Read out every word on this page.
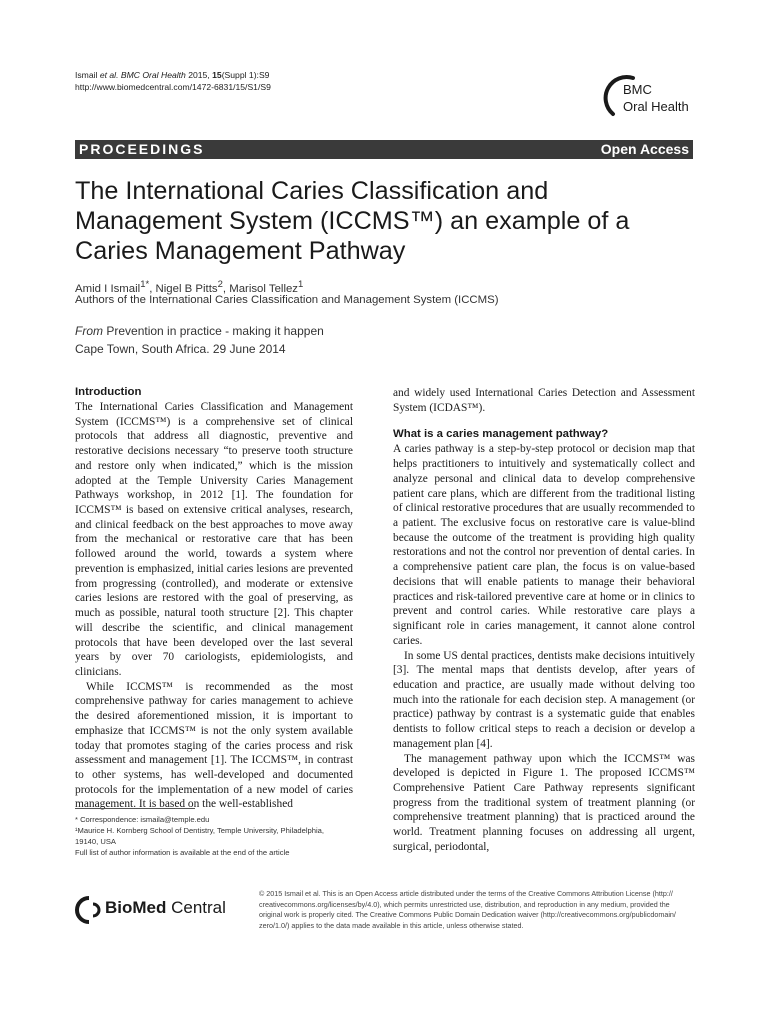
Ismail et al. BMC Oral Health 2015, 15(Suppl 1):S9
http://www.biomedcentral.com/1472-6831/15/S1/S9	BMC
Oral Health
PROCEEDINGS	Open Access
The International Caries Classification and
Management System (ICCMS™) an example of a
Caries Management Pathway
Amid I Ismail$^{1*}$, Nigel B Pitts$^2$, Marisol Tellez$^1$
Authors of the International Caries Classification and Management System (ICCMS)
From Prevention in practice - making it happen
Cape Town, South Africa. 29 June 2014
Introduction

The International Caries Classification and Management System (ICCMS™) is a comprehensive set of clinical protocols that address all diagnostic, preventive and restorative decisions necessary “to preserve tooth structure and restore only when indicated,” which is the mission adopted at the Temple University Caries Management Pathways workshop, in 2012 [1]. The foundation for ICCMS™ is based on extensive critical analyses, research, and clinical feedback on the best approaches to move away from the mechanical or restorative care that has been followed around the world, towards a system where prevention is emphasized, initial caries lesions are prevented from progressing (controlled), and moderate or extensive caries lesions are restored with the goal of preserving, as much as possible, natural tooth structure [2]. This chapter will describe the scientific, and clinical management protocols that have been developed over the last several years by over 70 cariologists, epidemiologists, and clinicians.

While ICCMS™ is recommended as the most comprehensive pathway for caries management to achieve the desired aforementioned mission, it is important to emphasize that ICCMS™ is not the only system available today that promotes staging of the caries process and risk assessment and management [1]. The ICCMS™, in contrast to other systems, has well-developed and documented protocols for the implementation of a new model of caries management. It is based on the well-established

and widely used International Caries Detection and Assessment System (ICDAS™).

What is a caries management pathway?

A caries pathway is a step-by-step protocol or decision map that helps practitioners to intuitively and systematically collect and analyze personal and clinical data to develop comprehensive patient care plans, which are different from the traditional listing of clinical restorative procedures that are usually recommended to a patient. The exclusive focus on restorative care is value-blind because the outcome of the treatment is providing high quality restorations and not the control nor prevention of dental caries. In a comprehensive patient care plan, the focus is on value-based decisions that will enable patients to manage their behavioral practices and risk-tailored preventive care at home or in clinics to prevent and control caries. While restorative care plays a significant role in caries management, it cannot alone control caries.

In some US dental practices, dentists make decisions intuitively [3]. The mental maps that dentists develop, after years of education and practice, are usually made without delving too much into the rationale for each decision step. A management (or practice) pathway by contrast is a systematic guide that enables dentists to follow critical steps to reach a decision or develop a management plan [4].

The management pathway upon which the ICCMS™ was developed is depicted in Figure 1. The proposed ICCMS™ Comprehensive Patient Care Pathway represents significant progress from the traditional system of treatment planning (or comprehensive treatment planning) that is practiced around the world. Treatment planning focuses on addressing all urgent, surgical, periodontal,

* Correspondence: ismaila@temple.edu
¹Maurice H. Kornberg School of Dentistry, Temple University, Philadelphia,
19140, USA
Full list of author information is available at the end of the article
BioMed Central
© 2015 Ismail et al. This is an Open Access article distributed under the terms of the Creative Commons Attribution License (http://
creativecommons.org/licenses/by/4.0), which permits unrestricted use, distribution, and reproduction in any medium, provided the
original work is properly cited. The Creative Commons Public Domain Dedication waiver (http://creativecommons.org/publicdomain/
zero/1.0/) applies to the data made available in this article, unless otherwise stated.
